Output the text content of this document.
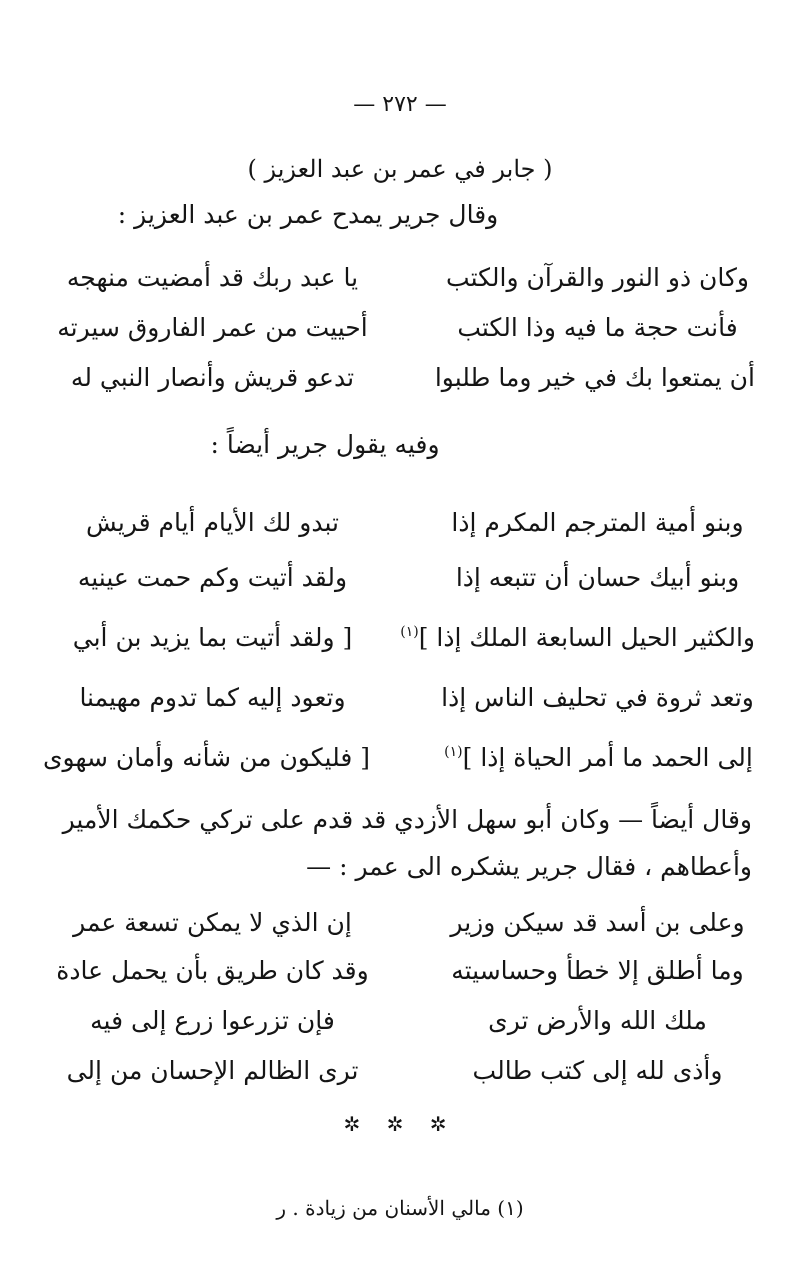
— ٢٧٢ —
( جابر في عمر بن عبد العزيز )
وقال جرير يمدح عمر بن عبد العزيز :
يا عبد ربك قد أمضيت منهجه	وكان ذو النور والقرآن والكتب
أحييت من عمر الفاروق سيرته	فأنت حجة ما فيه وذا الكتب
تدعو قريش وأنصار النبي له	أن يمتعوا بك في خير وما طلبوا
وفيه يقول جرير أيضاً :
تبدو لك الأيام أيام قريش	وبنو أمية المترجم المكرم إذا
ولقد أتيت وكم حمت عينيه	وبنو أبيك حسان أن تتبعه إذا
[ ولقد أتيت بما يزيد بن أبي	والكثير الحيل السابعة الملك إذا ]$^{(١)}$
وتعود إليه كما تدوم مهيمنا	وتعد ثروة في تحليف الناس إذا
[ فليكون من شأنه وأمان سهوى	إلى الحمد ما أمر الحياة إذا ]$^{(١)}$
وقال أيضاً — وكان أبو سهل الأزدي قد قدم على تركي حكمك الأمير
وأعطاهم ، فقال جرير يشكره الى عمر : —
إن الذي لا يمكن تسعة عمر	وعلى بن أسد قد سيكن وزير
وقد كان طريق بأن يحمل عادة	وما أطلق إلا خطأ وحساسيته
فإن تزرعوا زرع إلى فيه	ملك الله والأرض ترى
ترى الظالم الإحسان من إلى	وأذى لله إلى كتب طالب
✲ ✲ ✲
(١) مالي الأسنان من زيادة . ر
